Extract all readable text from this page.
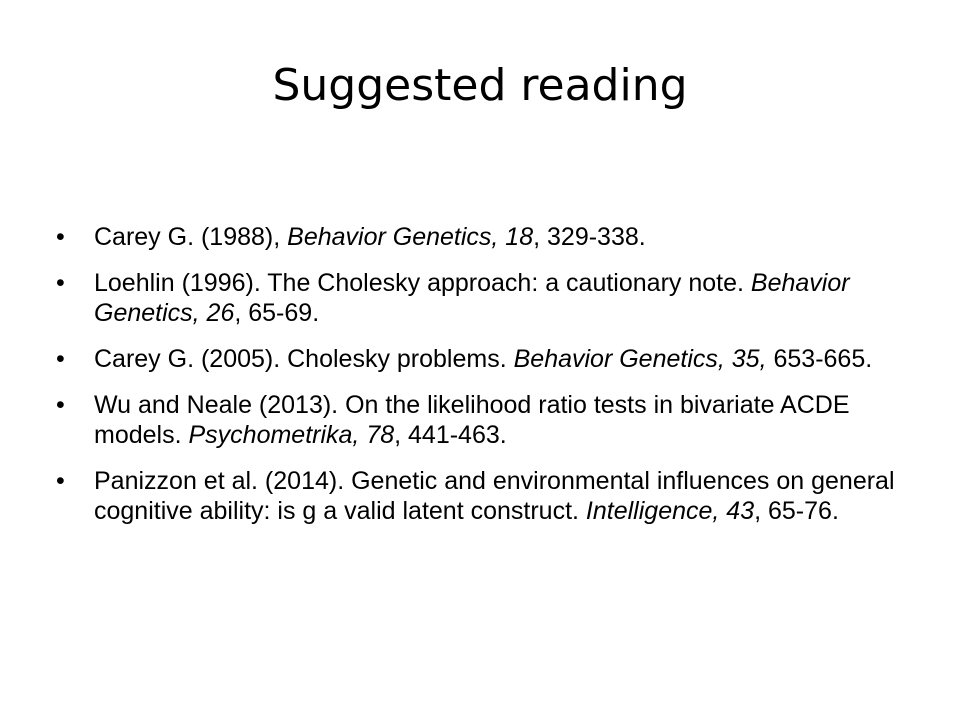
Suggested reading
• Carey G. (1988), Behavior Genetics, 18, 329-338.
• Loehlin (1996). The Cholesky approach: a cautionary note. Behavior Genetics, 26, 65-69.
• Carey G. (2005). Cholesky problems. Behavior Genetics, 35, 653-665.
• Wu and Neale (2013). On the likelihood ratio tests in bivariate ACDE models. Psychometrika, 78, 441-463.
• Panizzon et al. (2014). Genetic and environmental influences on general cognitive ability: is g a valid latent construct. Intelligence, 43, 65-76.
